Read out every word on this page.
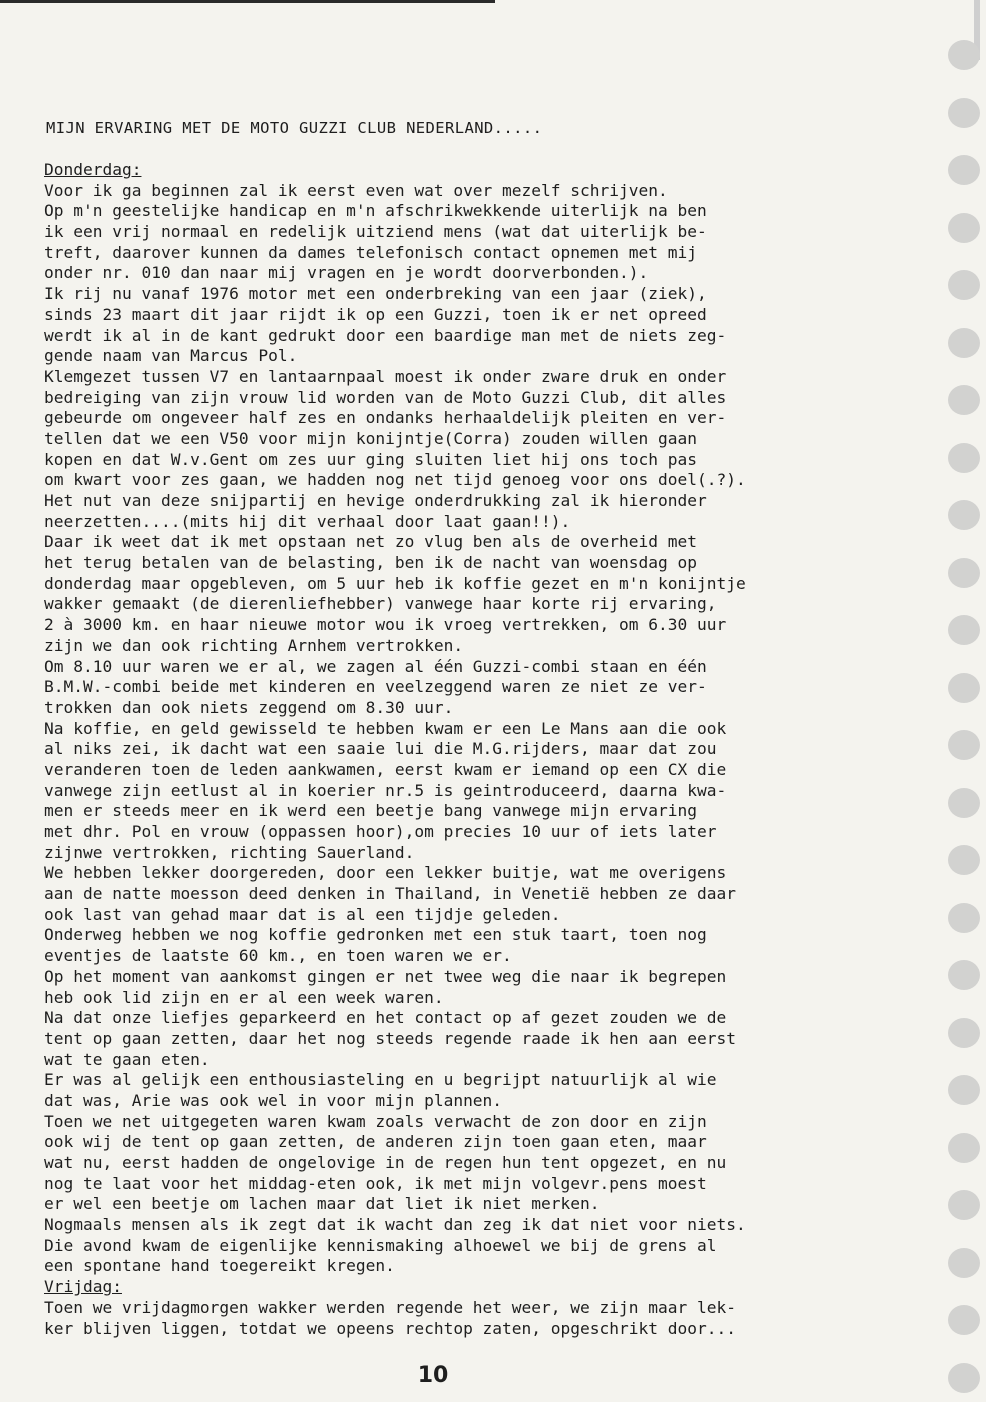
MIJN ERVARING MET DE MOTO GUZZI CLUB NEDERLAND.....
Donderdag:
Voor ik ga beginnen zal ik eerst even wat over mezelf schrijven.
Op m'n geestelijke handicap en m'n afschrikwekkende uiterlijk na ben
ik een vrij normaal en redelijk uitziend mens (wat dat uiterlijk be-
treft, daarover kunnen da dames telefonisch contact opnemen met mij
onder nr. 010 dan naar mij vragen en je wordt doorverbonden.).
Ik rij nu vanaf 1976 motor met een onderbreking van een jaar (ziek),
sinds 23 maart dit jaar rijdt ik op een Guzzi, toen ik er net opreed
werdt ik al in de kant gedrukt door een baardige man met de niets zeg-
gende naam van Marcus Pol.
Klemgezet tussen V7 en lantaarnpaal moest ik onder zware druk en onder
bedreiging van zijn vrouw lid worden van de Moto Guzzi Club, dit alles
gebeurde om ongeveer half zes en ondanks herhaaldelijk pleiten en ver-
tellen dat we een V50 voor mijn konijntje(Corra) zouden willen gaan
kopen en dat W.v.Gent om zes uur ging sluiten liet hij ons toch pas
om kwart voor zes gaan, we hadden nog net tijd genoeg voor ons doel(.?).
Het nut van deze snijpartij en hevige onderdrukking zal ik hieronder
neerzetten....(mits hij dit verhaal door laat gaan!!).
Daar ik weet dat ik met opstaan net zo vlug ben als de overheid met
het terug betalen van de belasting, ben ik de nacht van woensdag op
donderdag maar opgebleven, om 5 uur heb ik koffie gezet en m'n konijntje
wakker gemaakt (de dierenliefhebber) vanwege haar korte rij ervaring,
2 à 3000 km. en haar nieuwe motor wou ik vroeg vertrekken, om 6.30 uur
zijn we dan ook richting Arnhem vertrokken.
Om 8.10 uur waren we er al, we zagen al één Guzzi-combi staan en één
B.M.W.-combi beide met kinderen en veelzeggend waren ze niet ze ver-
trokken dan ook niets zeggend om 8.30 uur.
Na koffie, en geld gewisseld te hebben kwam er een Le Mans aan die ook
al niks zei, ik dacht wat een saaie lui die M.G.rijders, maar dat zou
veranderen toen de leden aankwamen, eerst kwam er iemand op een CX die
vanwege zijn eetlust al in koerier nr.5 is geintroduceerd, daarna kwa-
men er steeds meer en ik werd een beetje bang vanwege mijn ervaring
met dhr. Pol en vrouw (oppassen hoor),om precies 10 uur of iets later
zijnwe vertrokken, richting Sauerland.
We hebben lekker doorgereden, door een lekker buitje, wat me overigens
aan de natte moesson deed denken in Thailand, in Venetië hebben ze daar
ook last van gehad maar dat is al een tijdje geleden.
Onderweg hebben we nog koffie gedronken met een stuk taart, toen nog
eventjes de laatste 60 km., en toen waren we er.
Op het moment van aankomst gingen er net twee weg die naar ik begrepen
heb ook lid zijn en er al een week waren.
Na dat onze liefjes geparkeerd en het contact op af gezet zouden we de
tent op gaan zetten, daar het nog steeds regende raade ik hen aan eerst
wat te gaan eten.
Er was al gelijk een enthousiasteling en u begrijpt natuurlijk al wie
dat was, Arie was ook wel in voor mijn plannen.
Toen we net uitgegeten waren kwam zoals verwacht de zon door en zijn
ook wij de tent op gaan zetten, de anderen zijn toen gaan eten, maar
wat nu, eerst hadden de ongelovige in de regen hun tent opgezet, en nu
nog te laat voor het middag-eten ook, ik met mijn volgevr.pens moest
er wel een beetje om lachen maar dat liet ik niet merken.
Nogmaals mensen als ik zegt dat ik wacht dan zeg ik dat niet voor niets.
Die avond kwam de eigenlijke kennismaking alhoewel we bij de grens al
een spontane hand toegereikt kregen.
Vrijdag:
Toen we vrijdagmorgen wakker werden regende het weer, we zijn maar lek-
ker blijven liggen, totdat we opeens rechtop zaten, opgeschrikt door...
10
